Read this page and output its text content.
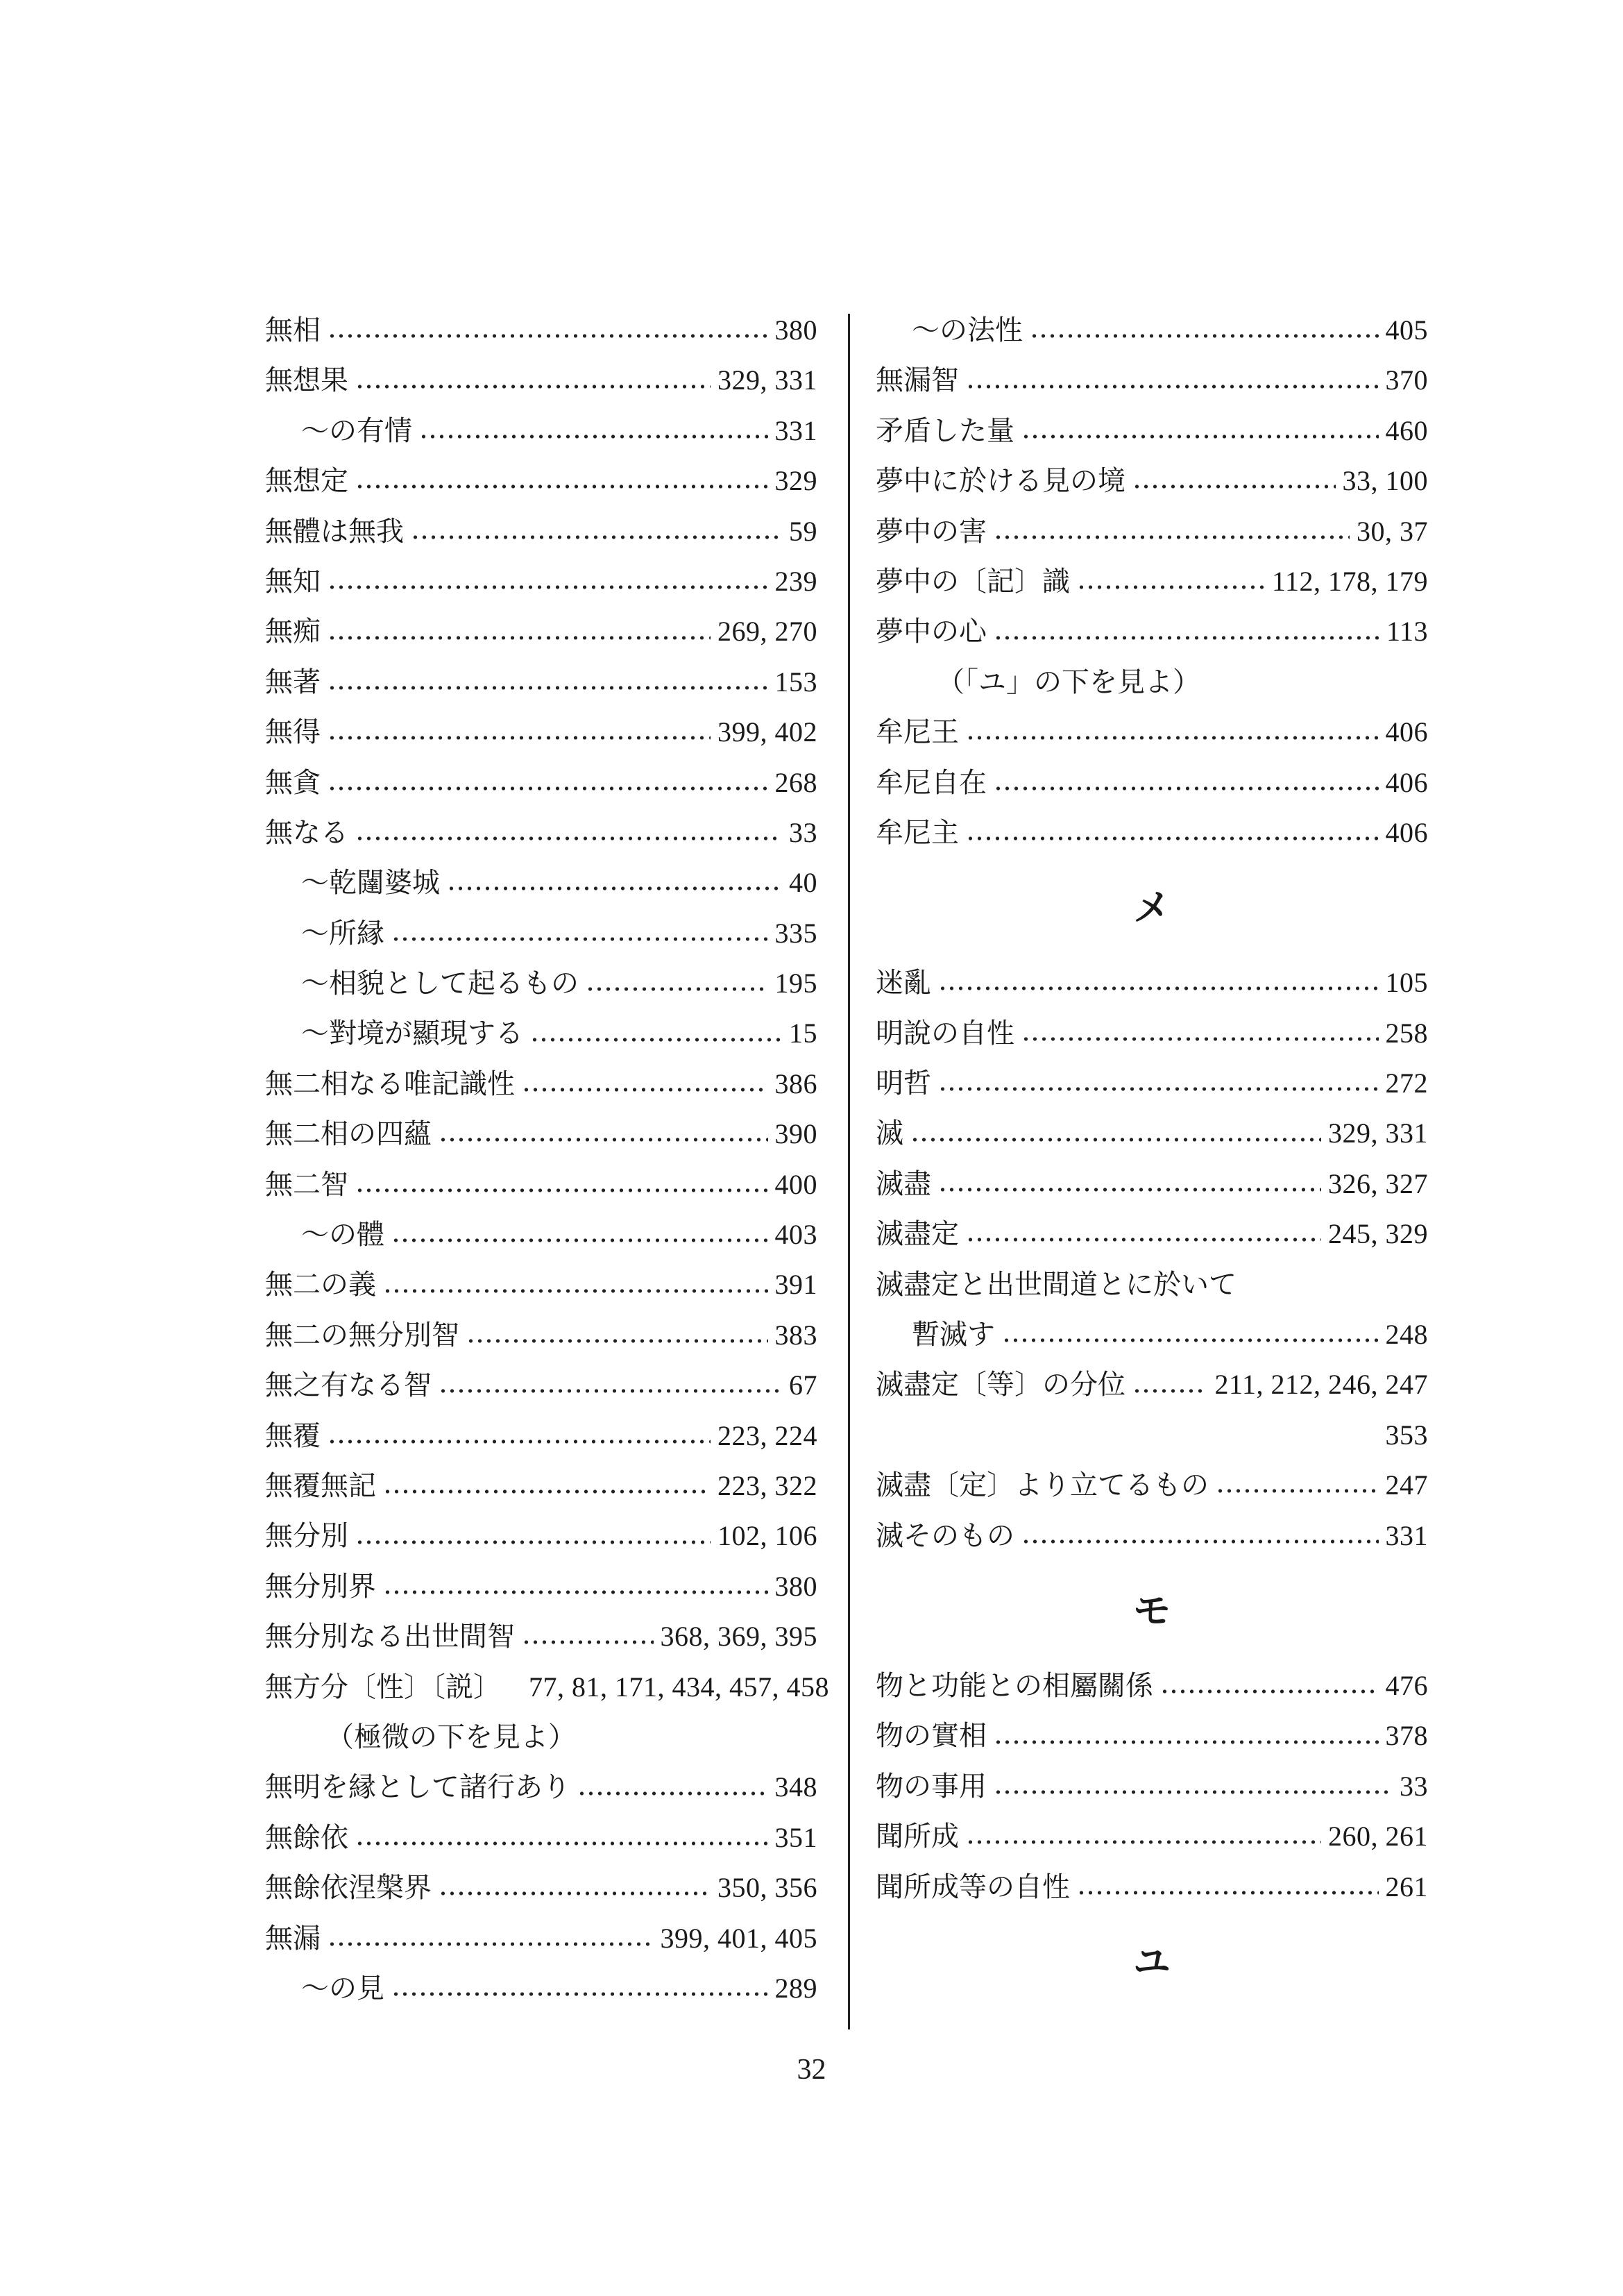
無相	380
無想果	329, 331
〜の有情	331
無想定	329
無體は無我	59
無知	239
無痴	269, 270
無著	153
無得	399, 402
無貪	268
無なる	33
〜乾闥婆城	40
〜所縁	335
〜相貌として起るもの	195
〜對境が顯現する	15
無二相なる唯記識性	386
無二相の四蘊	390
無二智	400
〜の體	403
無二の義	391
無二の無分別智	383
無之有なる智	67
無覆	223, 224
無覆無記	223, 322
無分別	102, 106
無分別界	380
無分別なる出世間智	368, 369, 395
無方分〔性〕〔説〕 77, 81, 171, 434, 457, 458
（極微の下を見よ）
無明を縁として諸行あり	348
無餘依	351
無餘依涅槃界	350, 356
無漏	399, 401, 405
〜の見	289
〜の法性	405
無漏智	370
矛盾した量	460
夢中に於ける見の境	33, 100
夢中の害	30, 37
夢中の〔記〕識	112, 178, 179
夢中の心	113
（「ユ」の下を見よ）
牟尼王	406
牟尼自在	406
牟尼主	406
メ
迷亂	105
明說の自性	258
明哲	272
滅	329, 331
滅盡	326, 327
滅盡定	245, 329
滅盡定と出世間道とに於いて
暫滅す	248
滅盡定〔等〕の分位	211, 212, 246, 247
353
滅盡〔定〕より立てるもの	247
滅そのもの	331
モ
物と功能との相屬關係	476
物の實相	378
物の事用	33
聞所成	260, 261
聞所成等の自性	261
ユ
32
